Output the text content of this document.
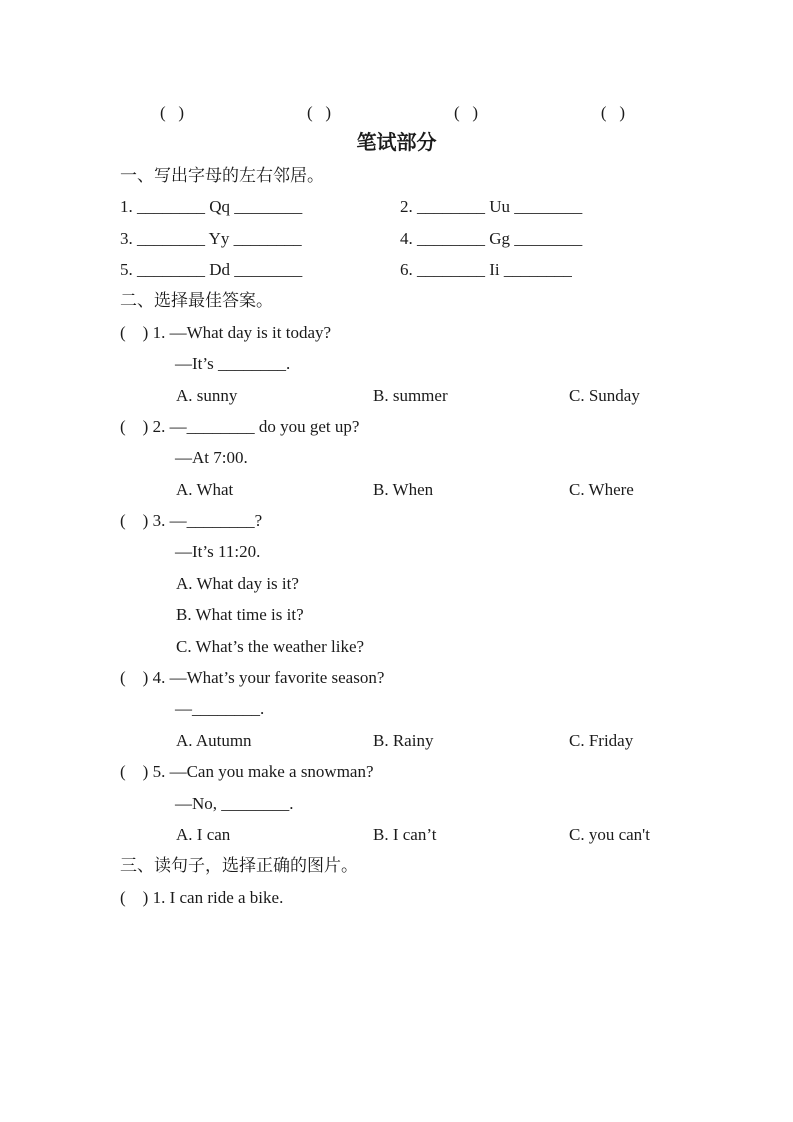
(   )	(   )	(   )	(   )
笔试部分
一、写出字母的左右邻居。
1. ________ Qq ________	2. ________ Uu ________
3. ________ Yy ________	4. ________ Gg ________
5. ________ Dd ________	6. ________ Ii ________
二、选择最佳答案。
(    ) 1. —What day is it today?
—It’s ________.
A. sunny	B. summer	C. Sunday
(    ) 2. —________ do you get up?
—At 7:00.
A. What	B. When	C. Where
(    ) 3. —________?
—It’s 11:20.
A. What day is it?
B. What time is it?
C. What’s the weather like?
(    ) 4. —What’s your favorite season?
—________.
A. Autumn	B. Rainy	C. Friday
(    ) 5. —Can you make a snowman?
—No, ________.
A. I can	B. I can’t	C. you can't
三、读句子，选择正确的图片。
(    ) 1. I can ride a bike.
